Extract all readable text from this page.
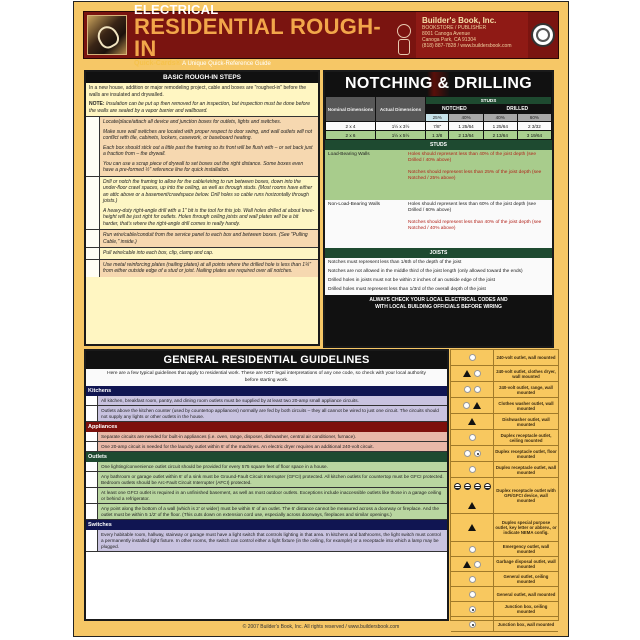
ELECTRICAL
RESIDENTIAL ROUGH-IN
Quick-Cards® A Unique Quick-Reference Guide
Builder's Book, Inc.
BOOKSTORE / PUBLISHER
8001 Canoga Avenue
Canoga Park, CA 91304
(818) 887-7828 / www.buildersbook.com
BASIC ROUGH-IN STEPS

In a new house, addition or major remodeling project, cable and boxes are "roughed-in" before the walls are insulated and drywalled.

NOTE: Insulation can be put up then removed for an inspection, but inspection must be done before the walls are sealed by a vapor barrier and wallboard.

Locate/place/attach all device and junction boxes for outlets, lights and switches.

Make sure wall switches are located with proper respect to door swing, and wall outlets will not conflict with tile, cabinets, lockers, casework, or baseboard heating.

Each box should stick out a little past the framing so its front will be flush with – or set back just a fraction from – the drywall.

You can use a scrap piece of drywall to set boxes out the right distance. Some boxes even have a pre-formed ½" reference line for quick installation.

Drill or notch the framing to allow for the cable/wiring to run between boxes, down into the under-floor crawl spaces, up into the ceiling, as well as through studs. (Most rooms have either an attic above or a basement/crawlspace below. Drill holes so cable runs horizontally through joists.)

A heavy-duty right-angle drill with a 1" bit is the tool for this job. Wall holes drilled at about knee-height will be just right for outlets. Holes through ceiling joists and wall plates will be a bit harder, that's where the right-angle drill comes in really handy.

Run wire/cable/conduit from the service panel to each box and between boxes. (See "Pulling Cable," inside.)

Pull wire/cable into each box, clip, clamp and cap.

Use metal reinforcing plates (nailing plates) at all points where the drilled hole is less than 1¼" from either outside edge of a stud or joist. Nailing plates are required over all notches.

NOTCHING & DRILLING
Nominal Dimensions	Actual Dimensions	STUDS			
		NOTCHED		DRILLED	
		25%	40%	40%	60%
2 x 4	1½ x 3½	7/8"	1 25/64	1 25/64	2 3/32
2 x 6	1½ x 5½	1 3/8	2 13/64	2 13/64	3 19/64
STUDS
Load-Bearing Walls	Holes should represent less than 40% of the joist depth (see Drilled / 40% above)

Notches should represent less than 25% of the joist depth (see Notched / 25% above)

Non-Load-Bearing Walls	Holes should represent less than 60% of the joist depth (see Drilled / 60% above)

Notches should represent less than 40% of the joist depth (see Notched / 40% above)

JOISTS

Notches must represent less than 1/6th of the depth of the joist

Notches are not allowed in the middle third of the joist length (only allowed toward the ends)

Drilled holes in joists must not be within 2 inches of an outside edge of the joist

Drilled holes must represent less than 1/3rd of the overall depth of the joist

ALWAYS CHECK YOUR LOCAL ELECTRICAL CODES AND
WITH LOCAL BUILDING OFFICIALS BEFORE WIRING
GENERAL RESIDENTIAL GUIDELINES
Here are a few typical guidelines that apply to residential work. These are NOT legal interpretations of any one code, so check with your local authority before starting work.
Kitchens
All kitchen, breakfast room, pantry, and dining room outlets must be supplied by at least two 20-amp small appliance circuits.
Outlets above the kitchen counter (used by countertop appliances) normally are fed by both circuits – they all cannot be wired to just one circuit. The circuits should not supply any lights or other outlets in the house.
Appliances
Separate circuits are needed for built-in appliances (i.e. oven, range, disposer, dishwasher, central air conditioner, furnace).
One 20-amp circuit is needed for the laundry outlet within 6' of the machines. An electric dryer requires an additional 240-volt circuit.
Outlets
One lighting/convenience outlet circuit should be provided for every 575 square feet of floor space in a house.
Any bathroom or garage outlet within 6' of a sink must be Ground-Fault Circuit Interrupter (GFCI) protected. All kitchen outlets for countertop must be GFCI protected. Bedroom outlets should be Arc-Fault Circuit Interrupter (AFCI) protected.
At least one GFCI outlet is required in an unfinished basement, as well as most outdoor outlets. Exceptions include inaccessible outlets like those in a garage ceiling or behind a refrigerator.
Any point along the bottom of a wall (which is 2' or wider) must be within 6' of an outlet. The 6' distance cannot be measured across a doorway or fireplace. And the outlet must be within 5 1/2' of the floor. (This cuts down on extension cord use, especially across doorways, fireplaces and similar openings.)
Switches
Every habitable room, hallway, stairway or garage must have a light switch that controls lighting in that area. In kitchens and bathrooms, the light switch must control a permanently installed light fixture. In other rooms, the switch can control either a light fixture (in the ceiling, for example) or a receptacle into which a lamp may be plugged.
240-volt outlet, wall mounted
240-volt outlet, clothes dryer, wall mounted
240-volt outlet, range, wall mounted
Clothes washer outlet, wall mounted
Dishwasher outlet, wall mounted
Duplex receptacle outlet, ceiling mounted
Duplex receptacle outlet, floor mounted
Duplex receptacle outlet, wall mounted
Duplex receptacle outlet with GFI/GFCI device, wall mounted
Duplex special purpose outlet, key letter or abbrev., or indicate NEMA config.
Emergency outlet, wall mounted
Garbage disposal outlet, wall mounted
General outlet, ceiling mounted
General outlet, wall mounted
Junction box, ceiling mounted
Junction box, wall mounted
© 2007 Builder's Book, Inc. All rights reserved / www.buildersbook.com
